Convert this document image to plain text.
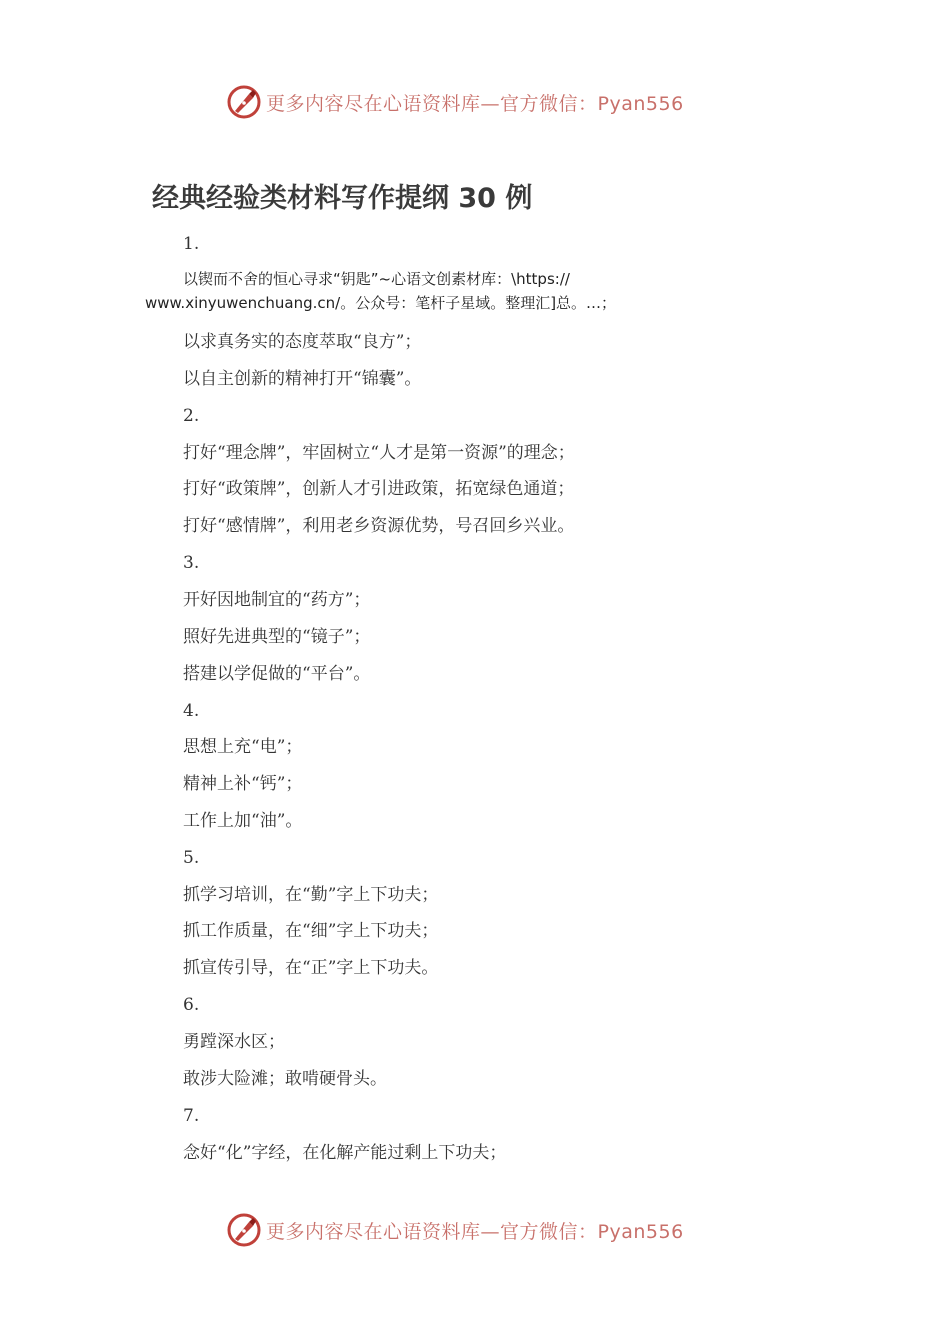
更多内容尽在心语资料库—官方微信：Pyan556
经典经验类材料写作提纲 30 例

1.

以锲而不舍的恒心寻求“钥匙”~心语文创素材库：\https://

www.xinyuwenchuang.cn/。公众号：笔杆子星域。整理汇]总。…；

以求真务实的态度萃取“良方”；

以自主创新的精神打开“锦囊”。

2.

打好“理念牌”，牢固树立“人才是第一资源”的理念；

打好“政策牌”，创新人才引进政策，拓宽绿色通道；

打好“感情牌”，利用老乡资源优势，号召回乡兴业。

3.

开好因地制宜的“药方”；

照好先进典型的“镜子”；

搭建以学促做的“平台”。

4.

思想上充“电”；

精神上补“钙”；

工作上加“油”。

5.

抓学习培训，在“勤”字上下功夫；

抓工作质量，在“细”字上下功夫；

抓宣传引导，在“正”字上下功夫。

6.

勇蹚深水区；

敢涉大险滩；敢啃硬骨头。

7.

念好“化”字经，在化解产能过剩上下功夫；

更多内容尽在心语资料库—官方微信：Pyan556
